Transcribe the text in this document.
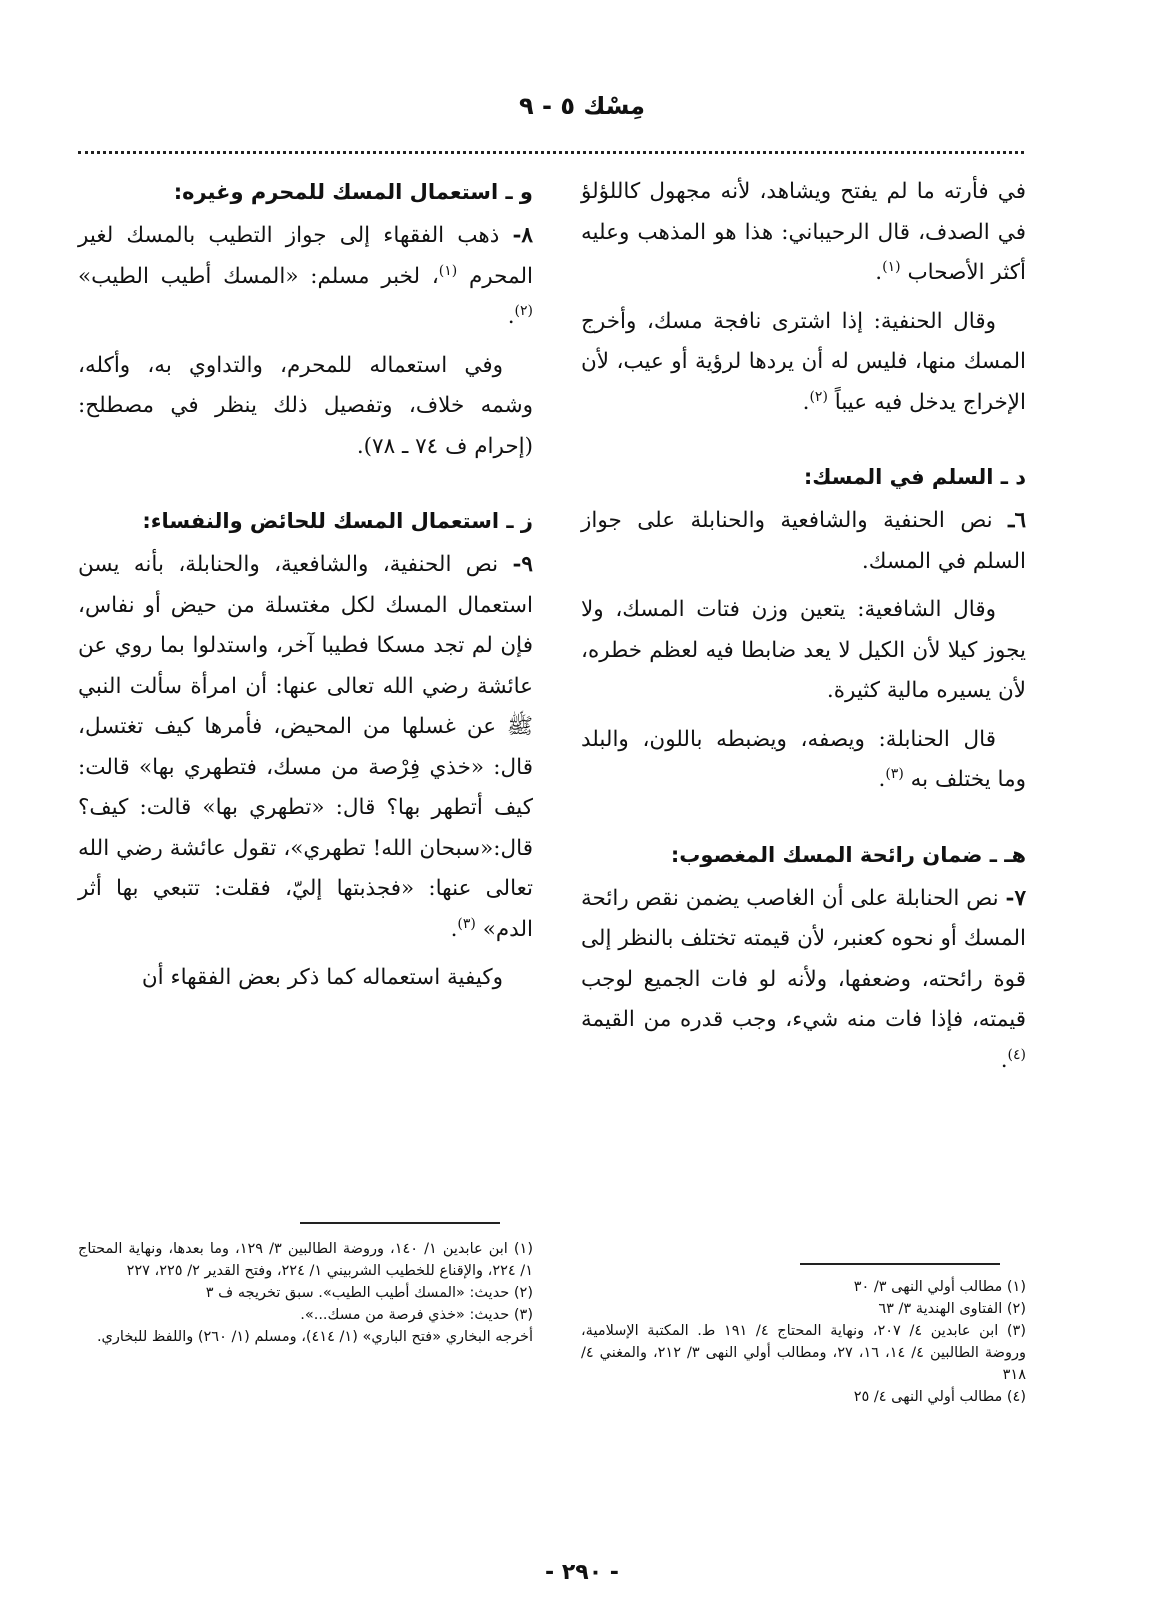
مِسْك ٥ - ٩

في فأرته ما لم يفتح ويشاهد، لأنه مجهول كاللؤلؤ في الصدف، قال الرحيباني: هذا هو المذهب وعليه أكثر الأصحاب $^{(١)}$.

وقال الحنفية: إذا اشترى نافجة مسك، وأخرج المسك منها، فليس له أن يردها لرؤية أو عيب، لأن الإخراج يدخل فيه عيباً $^{(٢)}$.

د ـ السلم في المسك:

٦ـ نص الحنفية والشافعية والحنابلة على جواز السلم في المسك.

وقال الشافعية: يتعين وزن فتات المسك، ولا يجوز كيلا لأن الكيل لا يعد ضابطا فيه لعظم خطره، لأن يسيره مالية كثيرة.

قال الحنابلة: ويصفه، ويضبطه باللون، والبلد وما يختلف به $^{(٣)}$.

هـ ـ ضمان رائحة المسك المغصوب:

٧- نص الحنابلة على أن الغاصب يضمن نقص رائحة المسك أو نحوه كعنبر، لأن قيمته تختلف بالنظر إلى قوة رائحته، وضعفها، ولأنه لو فات الجميع لوجب قيمته، فإذا فات منه شيء، وجب قدره من القيمة $^{(٤)}$.

و ـ استعمال المسك للمحرم وغيره:

٨- ذهب الفقهاء إلى جواز التطيب بالمسك لغير المحرم $^{(١)}$، لخبر مسلم: «المسك أطيب الطيب» $^{(٢)}$.

وفي استعماله للمحرم، والتداوي به، وأكله، وشمه خلاف، وتفصيل ذلك ينظر في مصطلح: (إحرام ف ٧٤ ـ ٧٨).

ز ـ استعمال المسك للحائض والنفساء:

٩- نص الحنفية، والشافعية، والحنابلة، بأنه يسن استعمال المسك لكل مغتسلة من حيض أو نفاس، فإن لم تجد مسكا فطيبا آخر، واستدلوا بما روي عن عائشة رضي الله تعالى عنها: أن امرأة سألت النبي ﷺ عن غسلها من المحيض، فأمرها كيف تغتسل، قال: «خذي فِرْصة من مسك، فتطهري بها» قالت: كيف أتطهر بها؟ قال: «تطهري بها» قالت: كيف؟ قال:«سبحان الله! تطهري»، تقول عائشة رضي الله تعالى عنها: «فجذبتها إليّ، فقلت: تتبعي بها أثر الدم» $^{(٣)}$.

وكيفية استعماله كما ذكر بعض الفقهاء أن

(١) ابن عابدين ١/ ١٤٠، وروضة الطالبين ٣/ ١٢٩، وما بعدها، ونهاية المحتاج ١/ ٢٢٤، والإقناع للخطيب الشربيني ١/ ٢٢٤، وفتح القدير ٢/ ٢٢٥، ٢٢٧
(٢) حديث: «المسك أطيب الطيب». سبق تخريجه ف ٣
(٣) حديث: «خذي فرصة من مسك...».
أخرجه البخاري «فتح الباري» (١/ ٤١٤)، ومسلم (١/ ٢٦٠) واللفظ للبخاري.
(١) مطالب أولي النهى ٣/ ٣٠
(٢) الفتاوى الهندية ٣/ ٦٣
(٣) ابن عابدين ٤/ ٢٠٧، ونهاية المحتاج ٤/ ١٩١ ط. المكتبة الإسلامية، وروضة الطالبين ٤/ ١٤، ١٦، ٢٧، ومطالب أولي النهى ٣/ ٢١٢، والمغني ٤/ ٣١٨
(٤) مطالب أولي النهى ٤/ ٢٥
- ٢٩٠ -
